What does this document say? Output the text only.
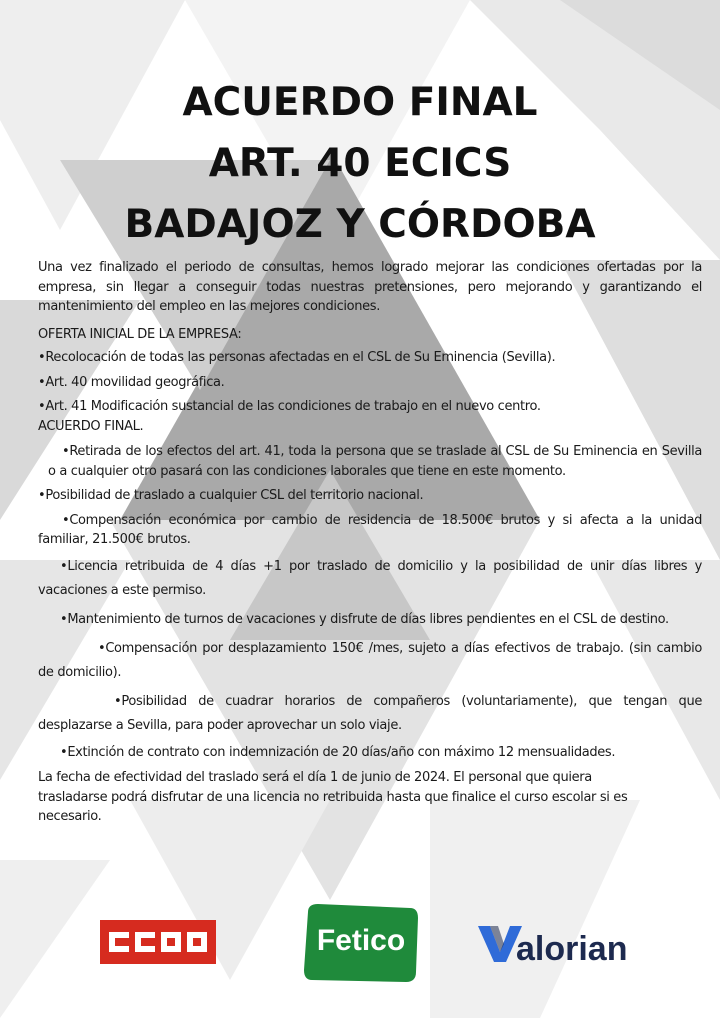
ACUERDO FINAL
ART. 40 ECICS
BADAJOZ Y CÓRDOBA

Una vez finalizado el periodo de consultas, hemos logrado mejorar las condiciones ofertadas por la empresa, sin llegar a conseguir todas nuestras pretensiones, pero mejorando y garantizando el mantenimiento del empleo en las mejores condiciones.

OFERTA INICIAL DE LA EMPRESA:

•Recolocación de todas las personas afectadas en el CSL de Su Eminencia (Sevilla).

•Art. 40 movilidad geográfica.

•Art. 41 Modificación sustancial de las condiciones de trabajo en el nuevo centro.

ACUERDO FINAL.

•Retirada de los efectos del art. 41, toda la persona que se traslade al CSL de Su Eminencia en Sevilla o a cualquier otro pasará con las condiciones laborales que tiene en este momento.

•Posibilidad de traslado a cualquier CSL del territorio nacional.

•Compensación económica por cambio de residencia de 18.500€ brutos y si afecta a la unidad familiar, 21.500€ brutos.

•Licencia retribuida de 4 días +1 por traslado de domicilio y la posibilidad de unir días libres y vacaciones a este permiso.

•Mantenimiento de turnos de vacaciones y disfrute de días libres pendientes en el CSL de destino.

•Compensación por desplazamiento 150€ /mes, sujeto a días efectivos de trabajo. (sin cambio de domicilio).

•Posibilidad de cuadrar horarios de compañeros (voluntariamente), que tengan que desplazarse a Sevilla, para poder aprovechar un solo viaje.

•Extinción de contrato con indemnización de 20 días/año con máximo 12 mensualidades.

La fecha de efectividad del traslado será el día 1 de junio de 2024. El personal que quiera
trasladarse podrá disfrutar de una licencia no retribuida hasta que finalice el curso escolar si es
necesario.
Fetico	alorian
